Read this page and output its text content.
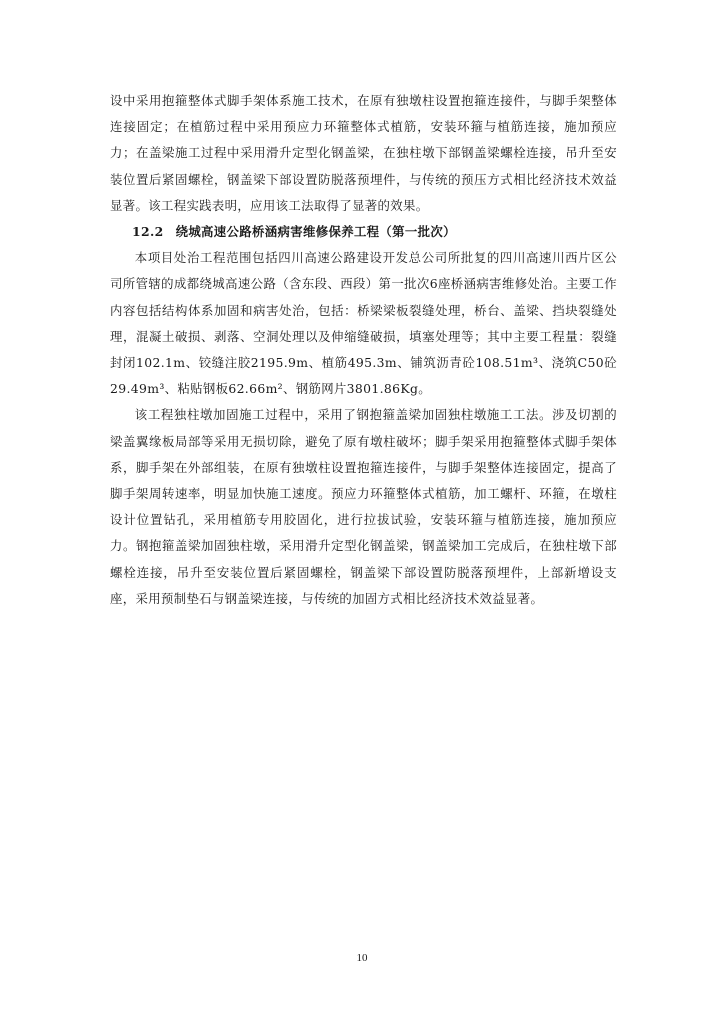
设中采用抱箍整体式脚手架体系施工技术，在原有独墩柱设置抱箍连接件，与脚手架整体连接固定；在植筋过程中采用预应力环箍整体式植筋，安装环箍与植筋连接，施加预应力；在盖梁施工过程中采用滑升定型化钢盖梁，在独柱墩下部钢盖梁螺栓连接，吊升至安装位置后紧固螺栓，钢盖梁下部设置防脱落预埋件，与传统的预压方式相比经济技术效益显著。该工程实践表明，应用该工法取得了显著的效果。

12.2 绕城高速公路桥涵病害维修保养工程（第一批次）

本项目处治工程范围包括四川高速公路建设开发总公司所批复的四川高速川西片区公司所管辖的成都绕城高速公路（含东段、西段）第一批次6座桥涵病害维修处治。主要工作内容包括结构体系加固和病害处治，包括：桥梁梁板裂缝处理，桥台、盖梁、挡块裂缝处理，混凝土破损、剥落、空洞处理以及伸缩缝破损，填塞处理等；其中主要工程量：裂缝封闭102.1m、铰缝注胶2195.9m、植筋495.3m、铺筑沥青砼108.51m³、浇筑C50砼29.49m³、粘贴钢板62.66m²、钢筋网片3801.86Kg。

该工程独柱墩加固施工过程中，采用了钢抱箍盖梁加固独柱墩施工工法。涉及切割的梁盖翼缘板局部等采用无损切除，避免了原有墩柱破坏；脚手架采用抱箍整体式脚手架体系，脚手架在外部组装，在原有独墩柱设置抱箍连接件，与脚手架整体连接固定，提高了脚手架周转速率，明显加快施工速度。预应力环箍整体式植筋，加工螺杆、环箍，在墩柱设计位置钻孔，采用植筋专用胶固化，进行拉拔试验，安装环箍与植筋连接，施加预应力。钢抱箍盖梁加固独柱墩，采用滑升定型化钢盖梁，钢盖梁加工完成后，在独柱墩下部螺栓连接，吊升至安装位置后紧固螺栓，钢盖梁下部设置防脱落预埋件，上部新增设支座，采用预制垫石与钢盖梁连接，与传统的加固方式相比经济技术效益显著。

10
